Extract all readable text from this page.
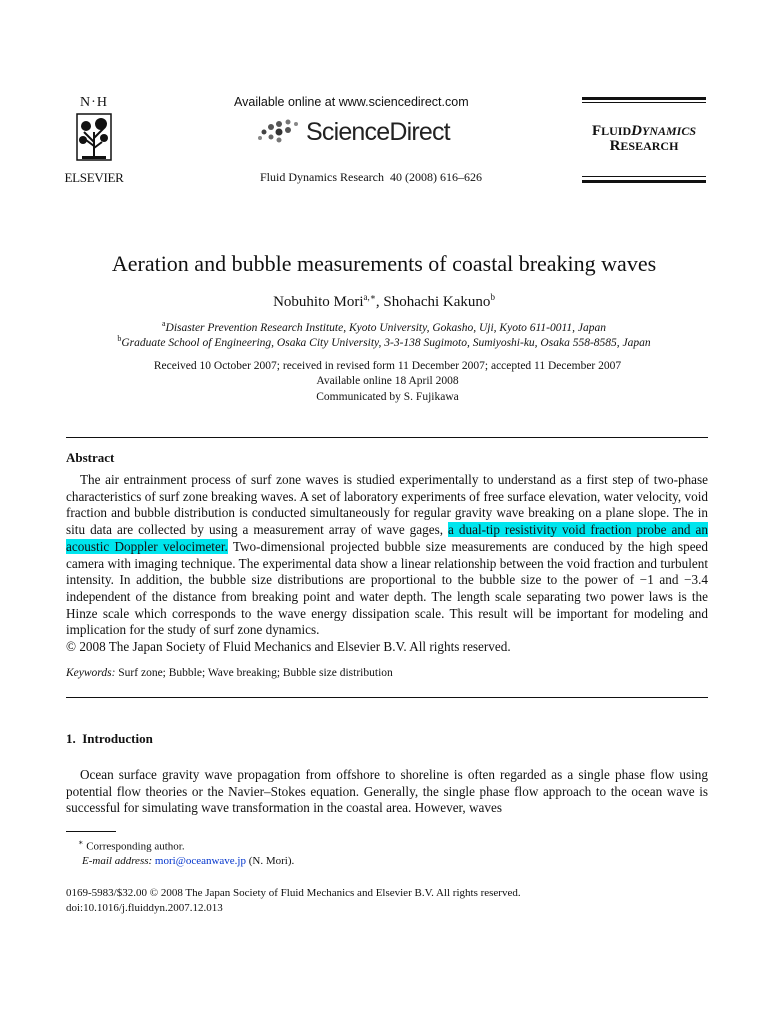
N·H
ELSEVIER
Available online at www.sciencedirect.com
ScienceDirect
Fluid Dynamics Research  40 (2008) 616–626
FLUIDDYNAMICS
RESEARCH
Aeration and bubble measurements of coastal breaking waves
Nobuhito Mori$^{a,∗}$, Shohachi Kakuno$^b$
$^a$Disaster Prevention Research Institute, Kyoto University, Gokasho, Uji, Kyoto 611-0011, Japan
$^b$Graduate School of Engineering, Osaka City University, 3-3-138 Sugimoto, Sumiyoshi-ku, Osaka 558-8585, Japan
Received 10 October 2007; received in revised form 11 December 2007; accepted 11 December 2007
Available online 18 April 2008
Communicated by S. Fujikawa
Abstract
The air entrainment process of surf zone waves is studied experimentally to understand as a first step of two-phase characteristics of surf zone breaking waves. A set of laboratory experiments of free surface elevation, water velocity, void fraction and bubble distribution is conducted simultaneously for regular gravity wave breaking on a plane slope. The in situ data are collected by using a measurement array of wave gages, a dual-tip resistivity void fraction probe and an acoustic Doppler velocimeter. Two-dimensional projected bubble size measurements are conduced by the high speed camera with imaging technique. The experimental data show a linear relationship between the void fraction and turbulent intensity. In addition, the bubble size distributions are proportional to the bubble size to the power of −1 and −3.4 independent of the distance from breaking point and water depth. The length scale separating two power laws is the Hinze scale which corresponds to the wave energy dissipation scale. This result will be important for modeling and implication for the study of surf zone dynamics.
© 2008 The Japan Society of Fluid Mechanics and Elsevier B.V. All rights reserved.
Keywords: Surf zone; Bubble; Wave breaking; Bubble size distribution
1.  Introduction
Ocean surface gravity wave propagation from offshore to shoreline is often regarded as a single phase flow using potential flow theories or the Navier–Stokes equation. Generally, the single phase flow approach to the ocean wave is successful for simulating wave transformation in the coastal area. However, waves
∗ Corresponding author.
E-mail address: mori@oceanwave.jp (N. Mori).
0169-5983/$32.00 © 2008 The Japan Society of Fluid Mechanics and Elsevier B.V. All rights reserved.
doi:10.1016/j.fluiddyn.2007.12.013
